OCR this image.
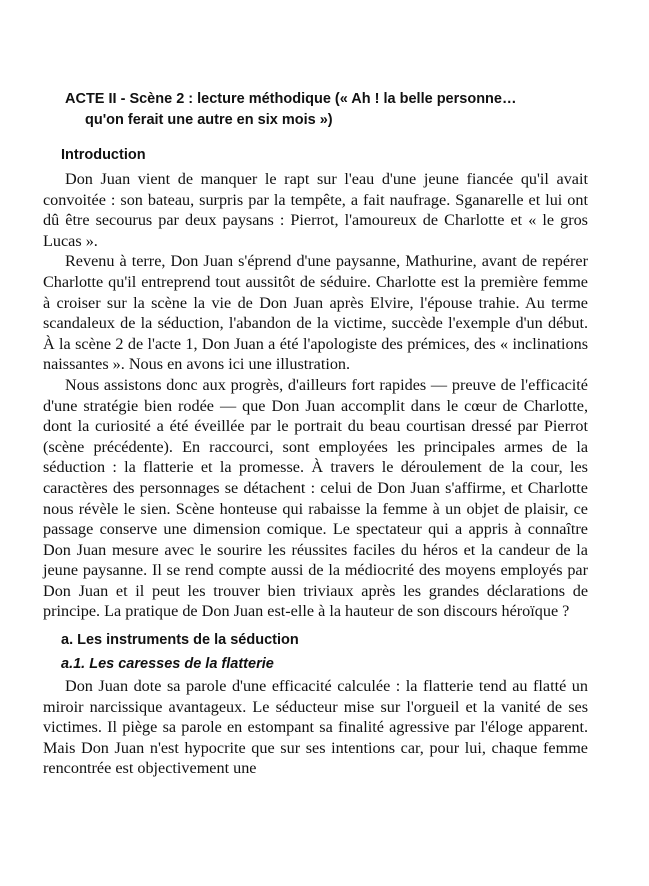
ACTE II - Scène 2 : lecture méthodique (« Ah ! la belle personne…
qu'on ferait une autre en six mois »)
Introduction

Don Juan vient de manquer le rapt sur l'eau d'une jeune fiancée qu'il avait convoitée : son bateau, surpris par la tempête, a fait naufrage. Sganarelle et lui ont dû être secourus par deux paysans : Pierrot, l'amoureux de Charlotte et « le gros Lucas ».

Revenu à terre, Don Juan s'éprend d'une paysanne, Mathurine, avant de repérer Charlotte qu'il entreprend tout aussitôt de séduire. Charlotte est la première femme à croiser sur la scène la vie de Don Juan après Elvire, l'épouse trahie. Au terme scandaleux de la séduction, l'abandon de la victime, succède l'exemple d'un début. À la scène 2 de l'acte 1, Don Juan a été l'apologiste des prémices, des « inclinations naissantes ». Nous en avons ici une illustration.

Nous assistons donc aux progrès, d'ailleurs fort rapides — preuve de l'efficacité d'une stratégie bien rodée — que Don Juan accomplit dans le cœur de Charlotte, dont la curiosité a été éveillée par le portrait du beau courtisan dressé par Pierrot (scène précédente). En raccourci, sont employées les principales armes de la séduction : la flatterie et la promesse. À travers le déroulement de la cour, les caractères des personnages se détachent : celui de Don Juan s'affirme, et Charlotte nous révèle le sien. Scène honteuse qui rabaisse la femme à un objet de plaisir, ce passage conserve une dimension comique. Le spectateur qui a appris à connaître Don Juan mesure avec le sourire les réussites faciles du héros et la candeur de la jeune paysanne. Il se rend compte aussi de la médiocrité des moyens employés par Don Juan et il peut les trouver bien triviaux après les grandes déclarations de principe. La pratique de Don Juan est-elle à la hauteur de son discours héroïque ?

a. Les instruments de la séduction
a.1. Les caresses de la flatterie

Don Juan dote sa parole d'une efficacité calculée : la flatterie tend au flatté un miroir narcissique avantageux. Le séducteur mise sur l'orgueil et la vanité de ses victimes. Il piège sa parole en estompant sa finalité agressive par l'éloge apparent. Mais Don Juan n'est hypocrite que sur ses intentions car, pour lui, chaque femme rencontrée est objectivement une
